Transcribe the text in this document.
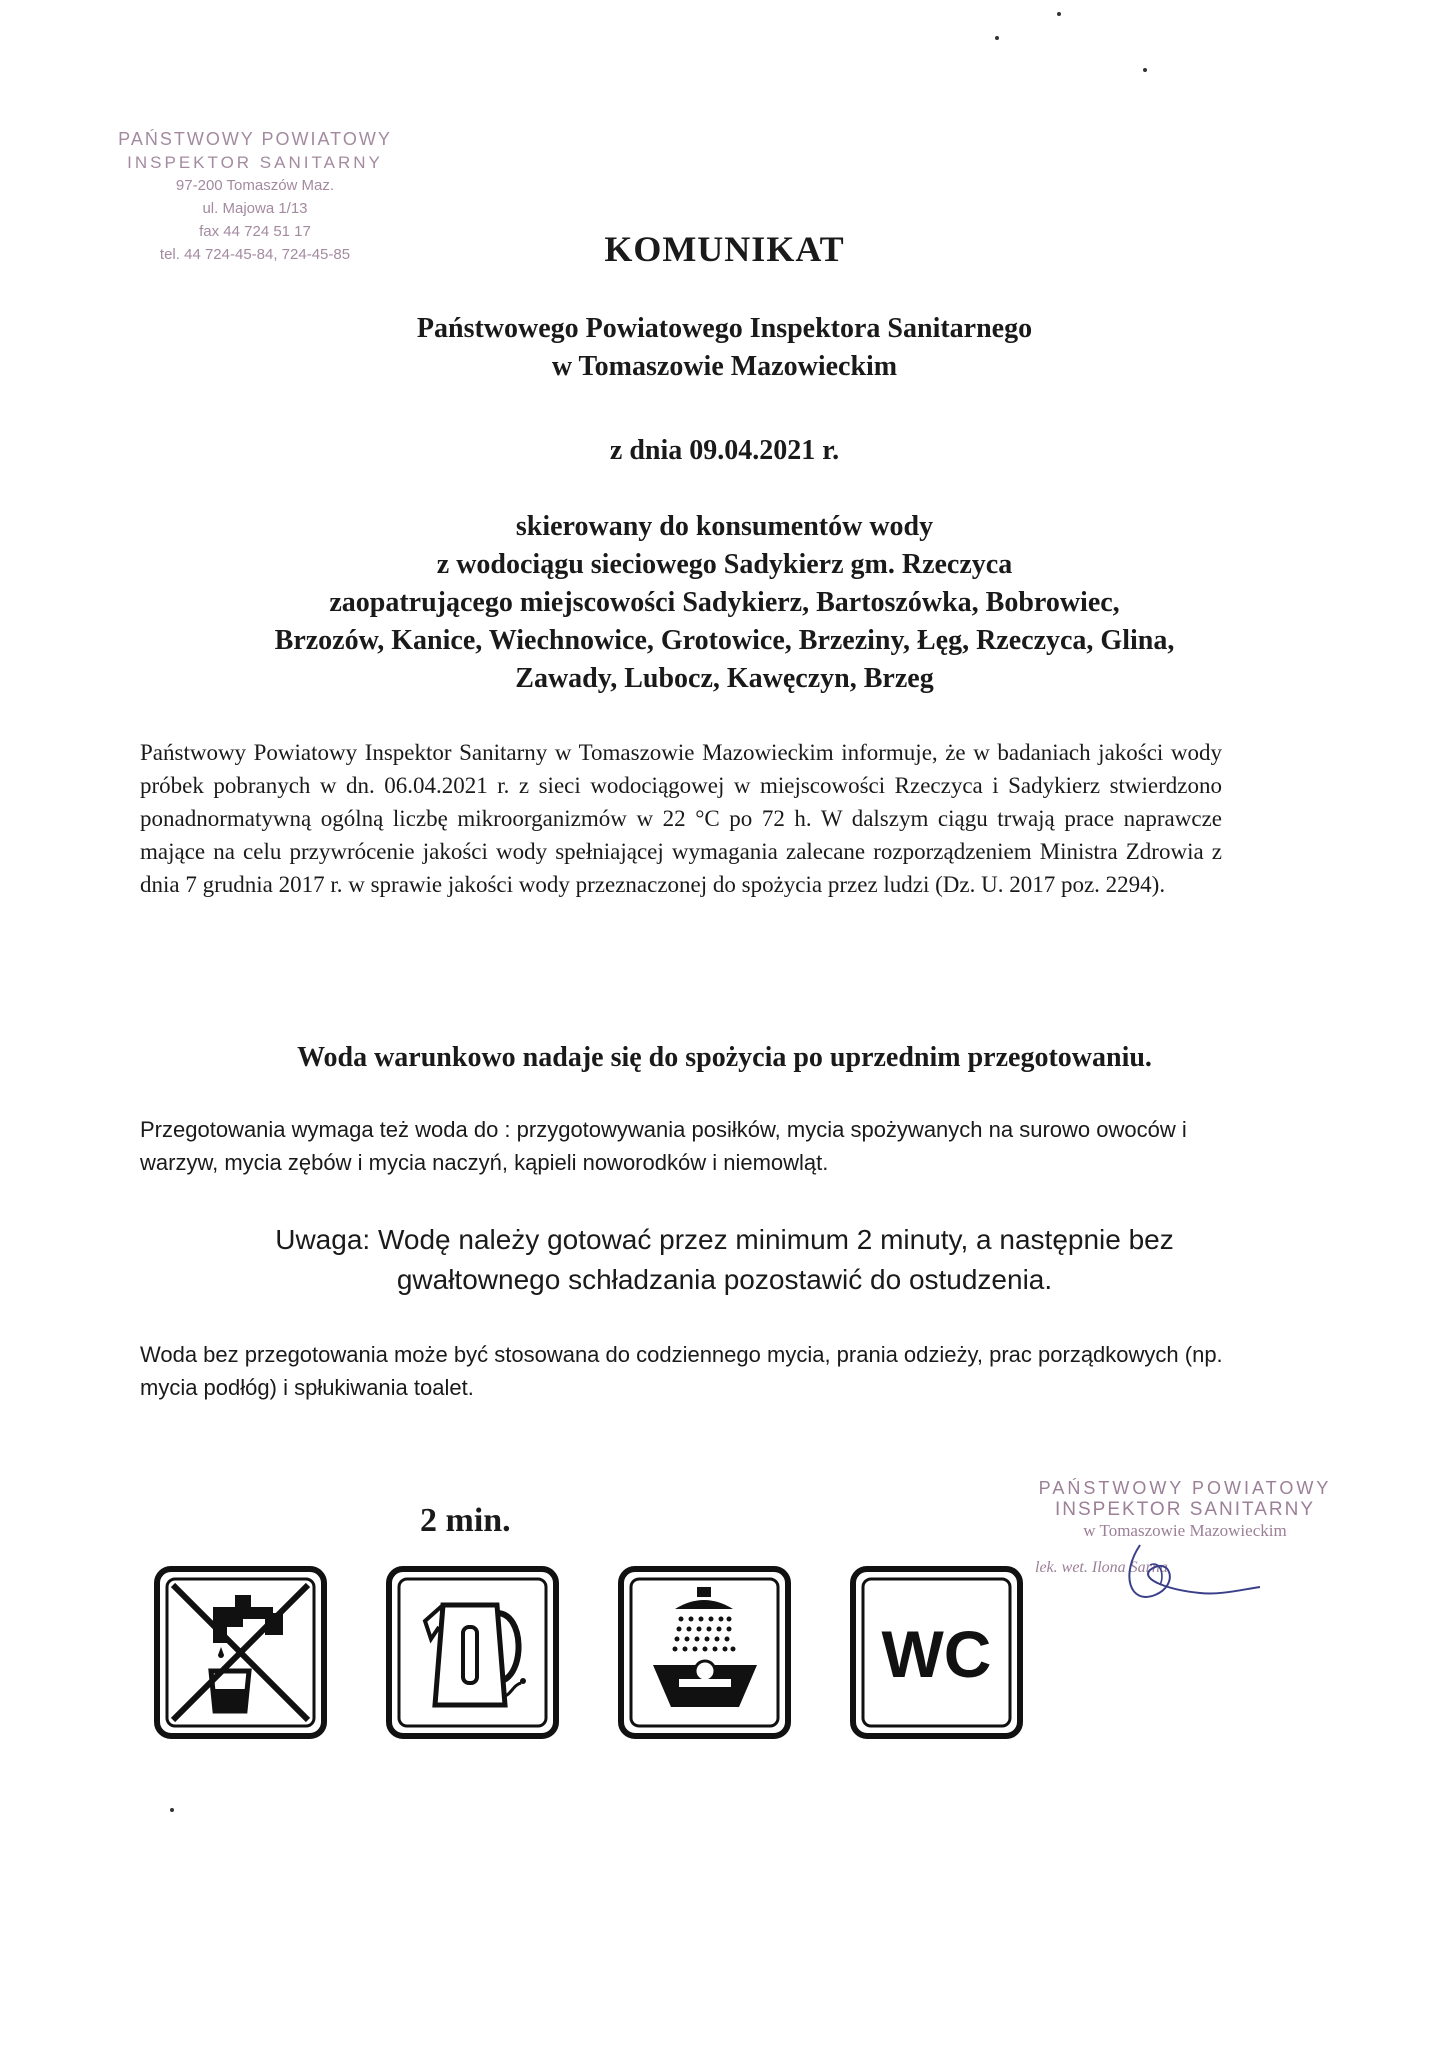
PAŃSTWOWY POWIATOWY
INSPEKTOR SANITARNY
97-200 Tomaszów Maz.
ul. Majowa 1/13
fax 44 724 51 17
tel. 44 724-45-84, 724-45-85	KOMUNIKAT
Państwowego Powiatowego Inspektora Sanitarnego
w Tomaszowie Mazowieckim
z dnia 09.04.2021 r.
skierowany do konsumentów wody
z wodociągu sieciowego Sadykierz gm. Rzeczyca
zaopatrującego miejscowości Sadykierz, Bartoszówka, Bobrowiec,
Brzozów, Kanice, Wiechnowice, Grotowice, Brzeziny, Łęg, Rzeczyca, Glina,
Zawady, Lubocz, Kawęczyn, Brzeg
Państwowy Powiatowy Inspektor Sanitarny w Tomaszowie Mazowieckim informuje, że w badaniach jakości wody próbek pobranych w dn. 06.04.2021 r. z sieci wodociągowej w miejscowości Rzeczyca i Sadykierz stwierdzono ponadnormatywną ogólną liczbę mikroorganizmów w 22 °C po 72 h. W dalszym ciągu trwają prace naprawcze mające na celu przywrócenie jakości wody spełniającej wymagania zalecane rozporządzeniem Ministra Zdrowia z dnia 7 grudnia 2017 r. w sprawie jakości wody przeznaczonej do spożycia przez ludzi (Dz. U. 2017 poz. 2294).
Woda warunkowo nadaje się do spożycia po uprzednim przegotowaniu.
Przegotowania wymaga też woda do : przygotowywania posiłków, mycia spożywanych na surowo owoców i warzyw, mycia zębów i mycia naczyń, kąpieli noworodków i niemowląt.
Uwaga: Wodę należy gotować przez minimum 2 minuty, a następnie bez
gwałtownego schładzania pozostawić do ostudzenia.
Woda bez przegotowania może być stosowana do codziennego mycia, prania odzieży, prac porządkowych (np. mycia podłóg) i spłukiwania toalet.
PAŃSTWOWY POWIATOWY
INSPEKTOR SANITARNY
w Tomaszowie Mazowieckim
lek. wet. Ilona Sarna
2 min.
WC
